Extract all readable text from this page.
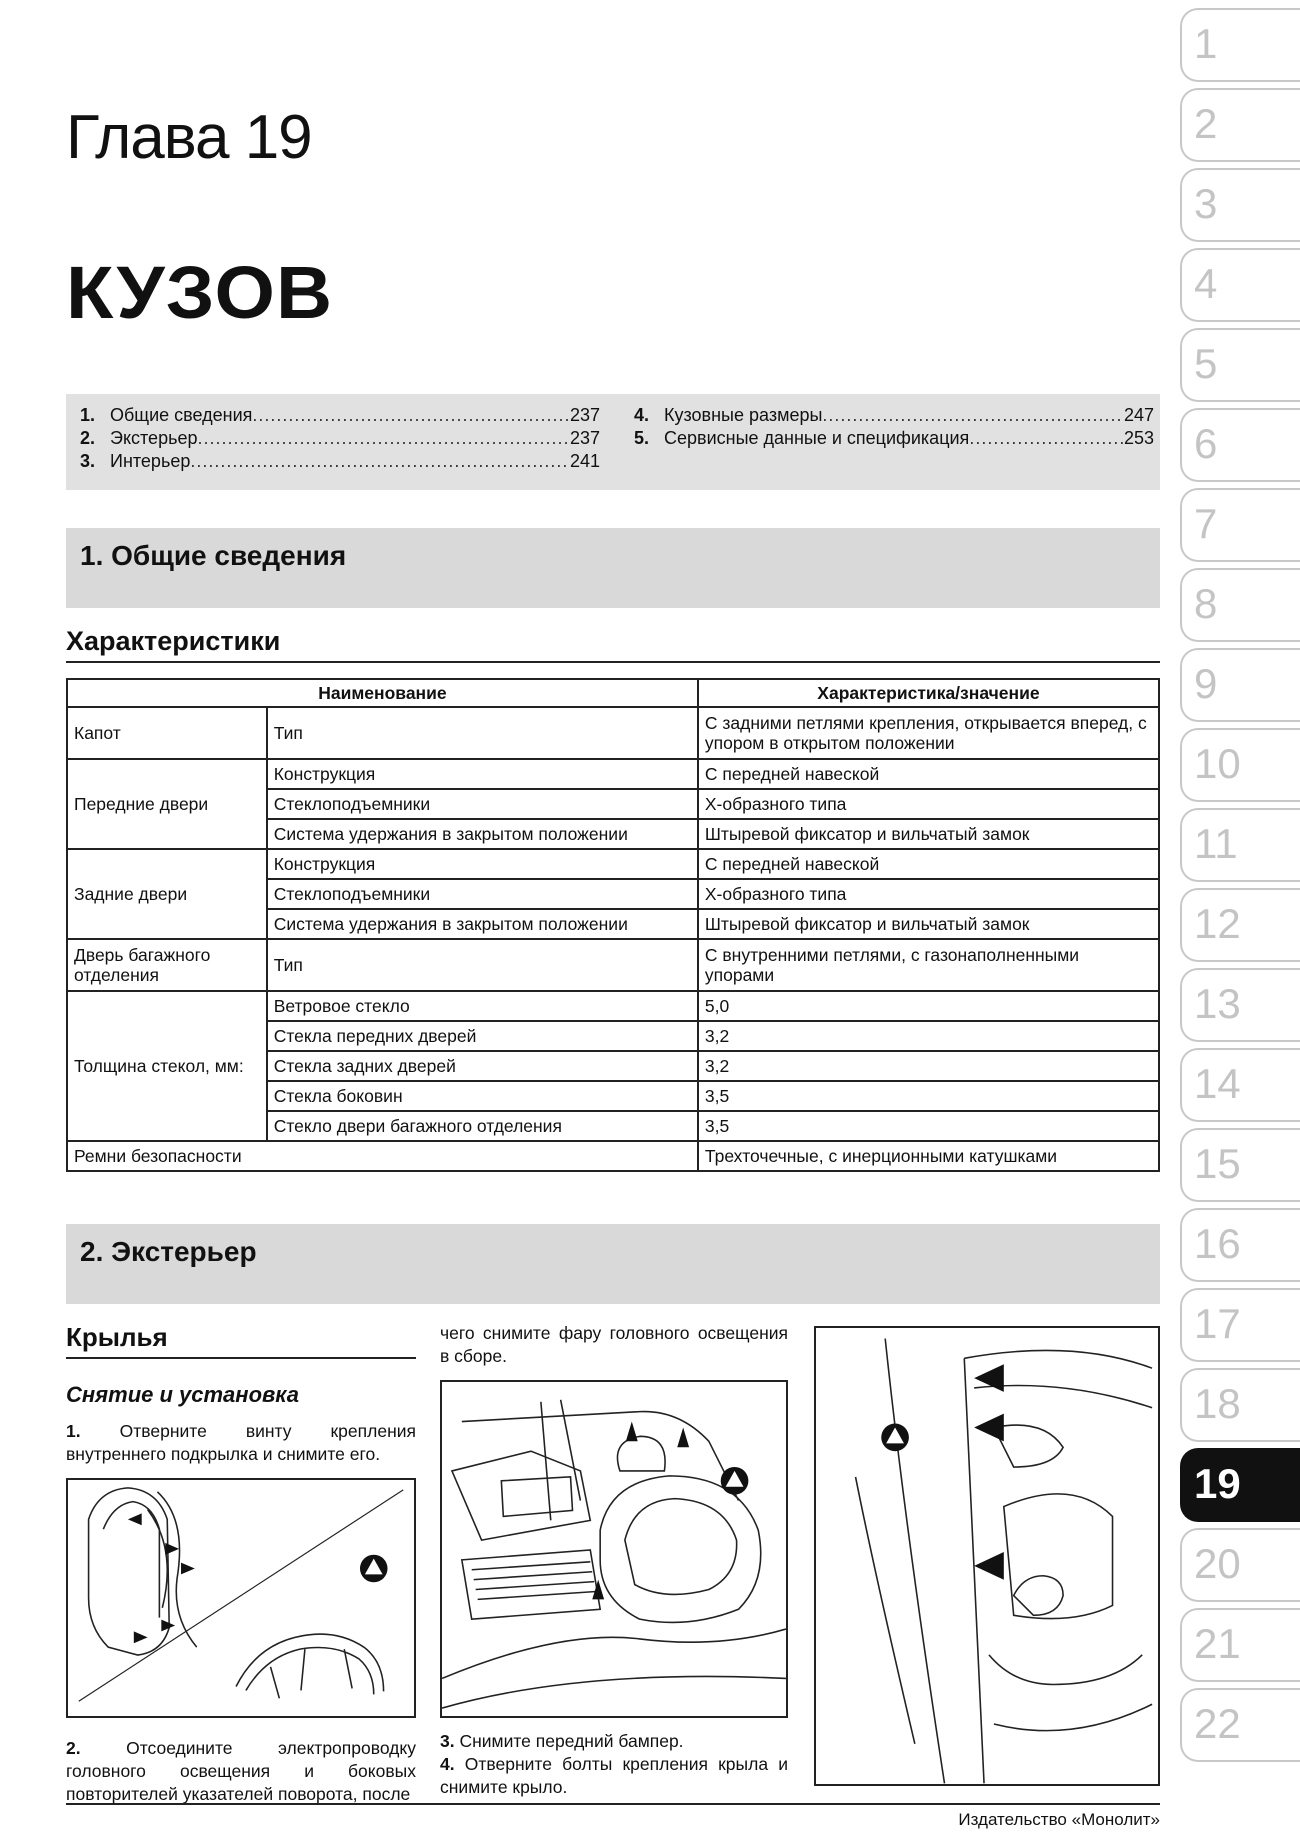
Глава 19
КУЗОВ
1. Общие сведения .....	237
2. Экстерьер .....	237
3. Интерьер .....	241
4. Кузовные размеры .....	247
5. Сервисные данные и спецификация .....	253
1. Общие сведения
Характеристики
Наименование		Характеристика/значение
Капот	Тип	С задними петлями крепления, открывается вперед, с упором в открытом положении
Передние двери	Конструкция	С передней навеской
	Стеклоподъемники	Х-образного типа
	Система удержания в закрытом положении	Штыревой фиксатор и вильчатый замок
Задние двери	Конструкция	С передней навеской
	Стеклоподъемники	Х-образного типа
	Система удержания в закрытом положении	Штыревой фиксатор и вильчатый замок
Дверь багажного отделения	Тип	С внутренними петлями, с газонаполненными упорами
Толщина стекол, мм:	Ветровое стекло	5,0
	Стекла передних дверей	3,2
	Стекла задних дверей	3,2
	Стекла боковин	3,5
	Стекло двери багажного отделения	3,5
Ремни безопасности		Трехточечные, с инерционными катушками
2. Экстерьер
Крылья
Снятие и установка
1. Отверните винту крепления внутреннего подкрылка и снимите его.
2.	Отсоедините электропроводку головного освещения и боковых повторителей указателей поворота, после
чего снимите фару головного освещения в сборе.
3. Снимите передний бампер.
4. Отверните болты крепления крыла и снимите крыло.
Издательство «Монолит»
1
2
3
4
5
6
7
8
9
10
11
12
13
14
15
16
17
18
19
20
21
22
